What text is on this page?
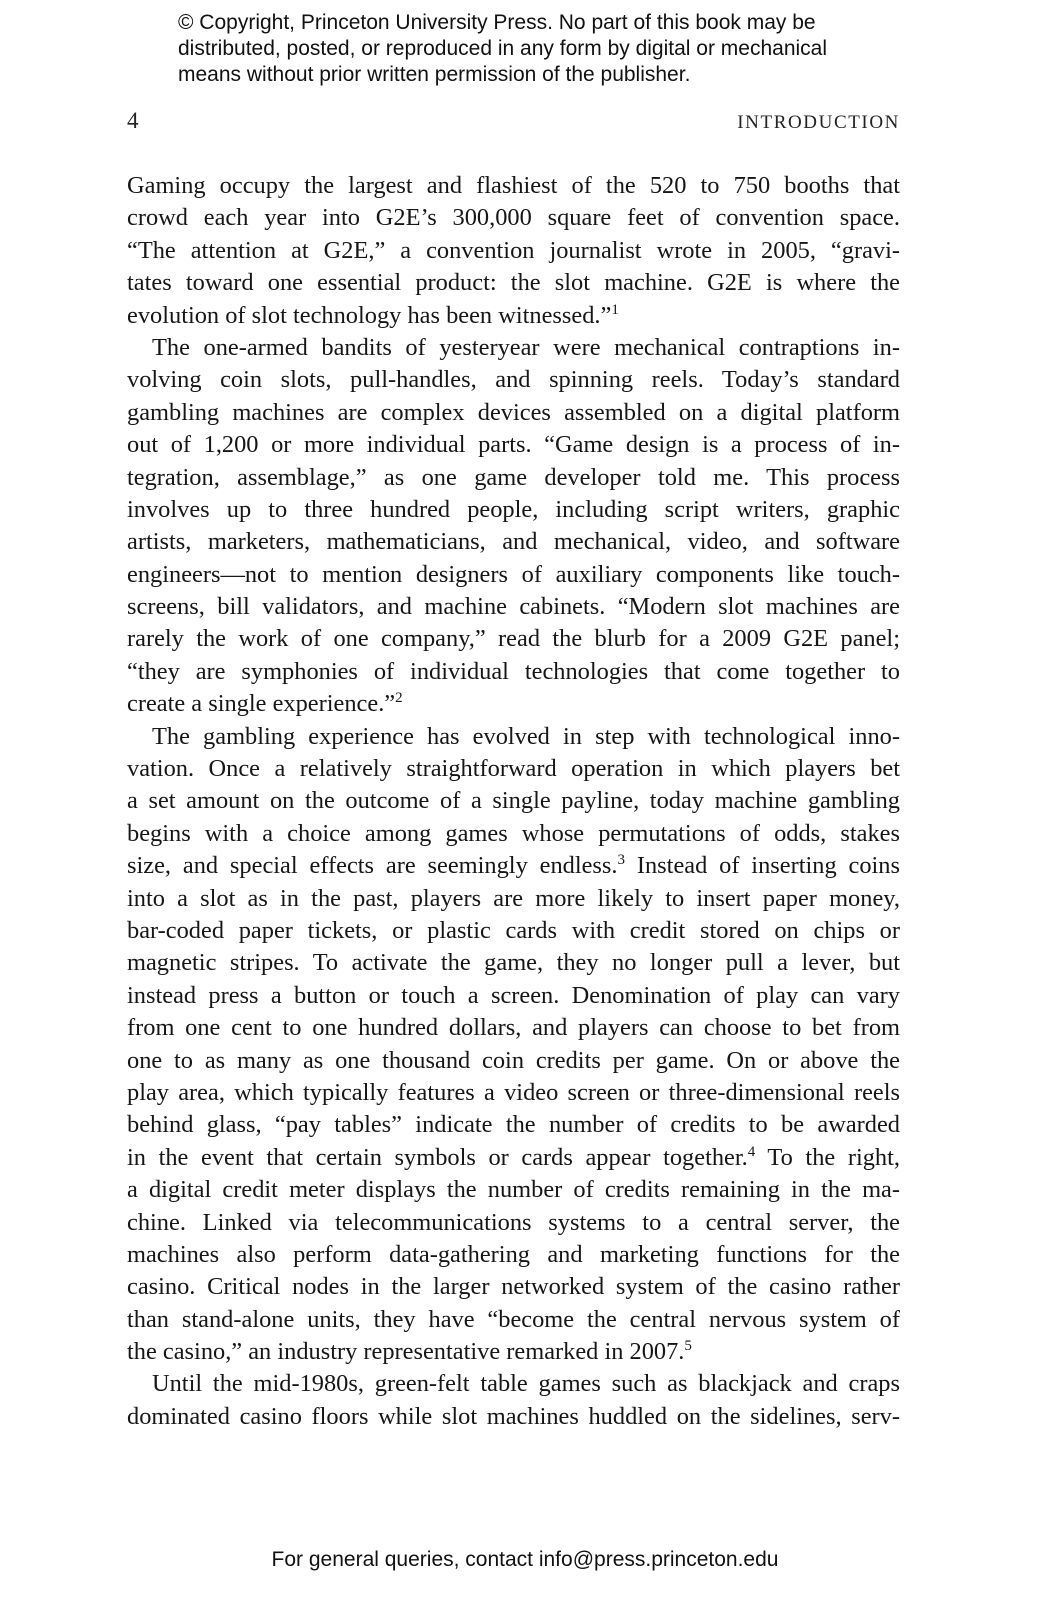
© Copyright, Princeton University Press. No part of this book may be
distributed, posted, or reproduced in any form by digital or mechanical
means without prior written permission of the publisher.
4	INTRODUCTION
Gaming occupy the largest and flashiest of the 520 to 750 booths that
crowd each year into G2E’s 300,000 square feet of convention space.
“The attention at G2E,” a convention journalist wrote in 2005, “gravi-
tates toward one essential product: the slot machine. G2E is where the
evolution of slot technology has been witnessed.”$^1$
The one-armed bandits of yesteryear were mechanical contraptions in-
volving coin slots, pull-handles, and spinning reels. Today’s standard
gambling machines are complex devices assembled on a digital platform
out of 1,200 or more individual parts. “Game design is a process of in-
tegration, assemblage,” as one game developer told me. This process
involves up to three hundred people, including script writers, graphic
artists, marketers, mathematicians, and mechanical, video, and software
engineers—not to mention designers of auxiliary components like touch-
screens, bill validators, and machine cabinets. “Modern slot machines are
rarely the work of one company,” read the blurb for a 2009 G2E panel;
“they are symphonies of individual technologies that come together to
create a single experience.”$^2$
The gambling experience has evolved in step with technological inno-
vation. Once a relatively straightforward operation in which players bet
a set amount on the outcome of a single payline, today machine gambling
begins with a choice among games whose permutations of odds, stakes
size, and special effects are seemingly endless.$^3$ Instead of inserting coins
into a slot as in the past, players are more likely to insert paper money,
bar-coded paper tickets, or plastic cards with credit stored on chips or
magnetic stripes. To activate the game, they no longer pull a lever, but
instead press a button or touch a screen. Denomination of play can vary
from one cent to one hundred dollars, and players can choose to bet from
one to as many as one thousand coin credits per game. On or above the
play area, which typically features a video screen or three-dimensional reels
behind glass, “pay tables” indicate the number of credits to be awarded
in the event that certain symbols or cards appear together.$^4$ To the right,
a digital credit meter displays the number of credits remaining in the ma-
chine. Linked via telecommunications systems to a central server, the
machines also perform data-gathering and marketing functions for the
casino. Critical nodes in the larger networked system of the casino rather
than stand-alone units, they have “become the central nervous system of
the casino,” an industry representative remarked in 2007.$^5$
Until the mid-1980s, green-felt table games such as blackjack and craps
dominated casino floors while slot machines huddled on the sidelines, serv-
For general queries, contact info@press.princeton.edu
